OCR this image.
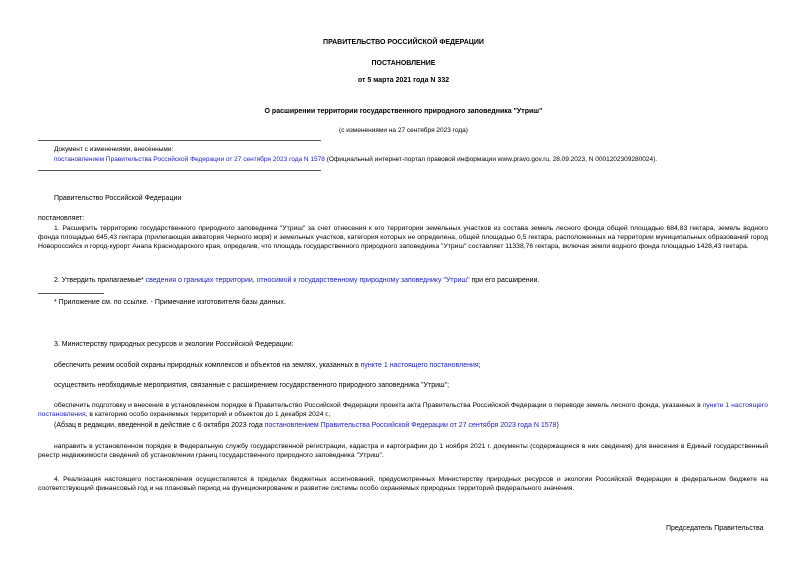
ПРАВИТЕЛЬСТВО РОССИЙСКОЙ ФЕДЕРАЦИИ
ПОСТАНОВЛЕНИЕ
от 5 марта 2021 года N 332
О расширении территории государственного природного заповедника "Утриш"
(с изменениями на 27 сентября 2023 года)
Документ с изменениями, внесенными:
постановлением Правительства Российской Федерации от 27 сентября 2023 года N 1578 (Официальный интернет-портал правовой информации www.pravo.gov.ru, 28.09.2023, N 0001202309280024).
Правительство Российской Федерации
постановляет:
1. Расширить территорию государственного природного заповедника "Утриш" за счет отнесения к его территории земельных участков из состава земель лесного фонда общей площадью 684,83 гектара, земель водного фонда площадью 645,43 гектара (прилегающая акватория Черного моря) и земельных участков, категория которых не определена, общей площадью 0,5 гектара, расположенных на территории муниципальных образований город Новороссийск и город-курорт Анапа Краснодарского края, определив, что площадь государственного природного заповедника "Утриш" составляет 11338,76 гектара, включая земли водного фонда площадью 1428,43 гектара.
2. Утвердить прилагаемые* сведения о границах территории, относимой к государственному природному заповеднику "Утриш" при его расширении.
* Приложение см. по ссылке. - Примечание изготовителя базы данных.
3. Министерству природных ресурсов и экологии Российской Федерации:
обеспечить режим особой охраны природных комплексов и объектов на землях, указанных в пункте 1 настоящего постановления;
осуществить необходимые мероприятия, связанные с расширением государственного природного заповедника "Утриш";
обеспечить подготовку и внесение в установленном порядке в Правительство Российской Федерации проекта акта Правительства Российской Федерации о переводе земель лесного фонда, указанных в пункте 1 настоящего постановления, в категорию особо охраняемых территорий и объектов до 1 декабря 2024 г.;
(Абзац в редакции, введенной в действие с 6 октября 2023 года постановлением Правительства Российской Федерации от 27 сентября 2023 года N 1578)
направить в установленном порядке в Федеральную службу государственной регистрации, кадастра и картографии до 1 ноября 2021 г. документы (содержащиеся в них сведения) для внесения в Единый государственный реестр недвижимости сведений об установлении границ государственного природного заповедника "Утриш".
4. Реализация настоящего постановления осуществляется в пределах бюджетных ассигнований, предусмотренных Министерству природных ресурсов и экологии Российской Федерации в федеральном бюджете на соответствующий финансовый год и на плановый период на функционирование и развитие системы особо охраняемых природных территорий федерального значения.
Председатель Правительства
